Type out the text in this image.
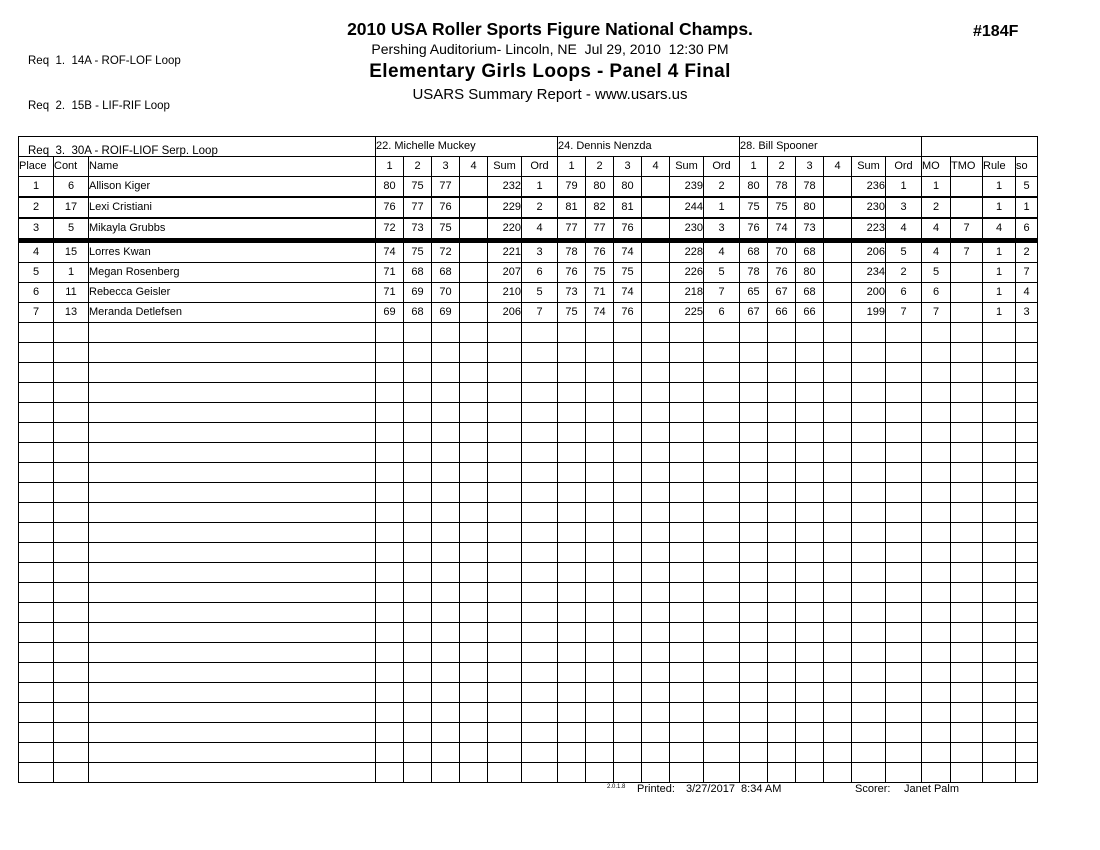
Req  1.  14A - ROF-LOF Loop

Req  2.  15B - LIF-RIF Loop

Req  3.  30A - ROIF-LIOF Serp. Loop

2010 USA Roller Sports Figure National Champs.
Pershing Auditorium- Lincoln, NE  Jul 29, 2010  12:30 PM
Elementary Girls Loops - Panel 4 Final
USARS Summary Report - www.usars.us
#184F
			22. Michelle Muckey						24. Dennis Nenzda						28. Bill Spooner									
Place	Cont	Name	1	2	3	4	Sum	Ord	1	2	3	4	Sum	Ord	1	2	3	4	Sum	Ord	MO	TMO	Rule	so
1	6	Allison Kiger	80	75	77		232	1	79	80	80		239	2	80	78	78		236	1	1		1	5
2	17	Lexi Cristiani	76	77	76		229	2	81	82	81		244	1	75	75	80		230	3	2		1	1
3	5	Mikayla Grubbs	72	73	75		220	4	77	77	76		230	3	76	74	73		223	4	4	7	4	6
4	15	Lorres Kwan	74	75	72		221	3	78	76	74		228	4	68	70	68		206	5	4	7	1	2
5	1	Megan Rosenberg	71	68	68		207	6	76	75	75		226	5	78	76	80		234	2	5		1	7
6	11	Rebecca Geisler	71	69	70		210	5	73	71	74		218	7	65	67	68		200	6	6		1	4
7	13	Meranda Detlefsen	69	68	69		206	7	75	74	76		225	6	67	66	66		199	7	7		1	3

2.0.1.8 Printed: 3/27/2017  8:34 AM	Scorer: Janet Palm
